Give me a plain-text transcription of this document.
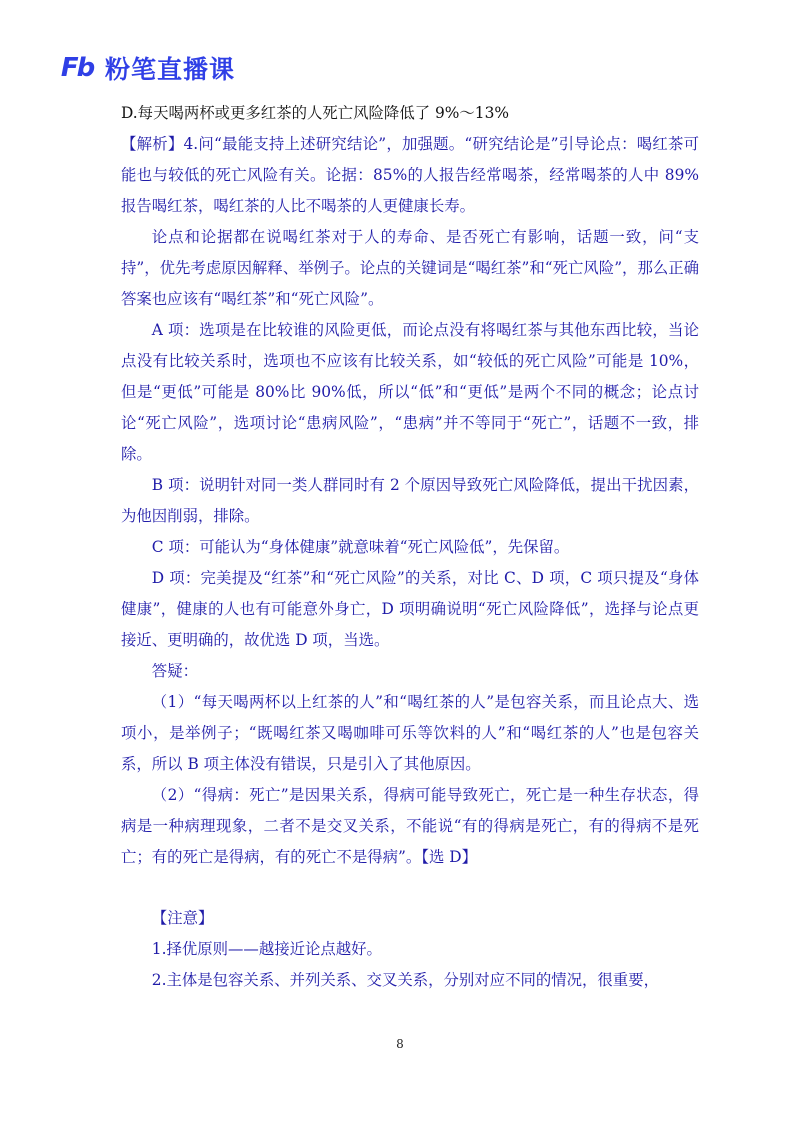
Fb 粉笔直播课

D.每天喝两杯或更多红茶的人死亡风险降低了 9%～13%

【解析】4.问“最能支持上述研究结论”，加强题。“研究结论是”引导论点：喝红茶可能也与较低的死亡风险有关。论据：85%的人报告经常喝茶，经常喝茶的人中 89%报告喝红茶，喝红茶的人比不喝茶的人更健康长寿。

论点和论据都在说喝红茶对于人的寿命、是否死亡有影响，话题一致，问“支持”，优先考虑原因解释、举例子。论点的关键词是“喝红茶”和“死亡风险”，那么正确答案也应该有“喝红茶”和“死亡风险”。

A 项：选项是在比较谁的风险更低，而论点没有将喝红茶与其他东西比较，当论点没有比较关系时，选项也不应该有比较关系，如“较低的死亡风险”可能是 10%，但是“更低”可能是 80%比 90%低，所以“低”和“更低”是两个不同的概念；论点讨论“死亡风险”，选项讨论“患病风险”，“患病”并不等同于“死亡”，话题不一致，排除。

B 项：说明针对同一类人群同时有 2 个原因导致死亡风险降低，提出干扰因素，为他因削弱，排除。

C 项：可能认为“身体健康”就意味着“死亡风险低”，先保留。

D 项：完美提及“红茶”和“死亡风险”的关系，对比 C、D 项，C 项只提及“身体健康”，健康的人也有可能意外身亡，D 项明确说明“死亡风险降低”，选择与论点更接近、更明确的，故优选 D 项，当选。

答疑：

（1）“每天喝两杯以上红茶的人”和“喝红茶的人”是包容关系，而且论点大、选项小，是举例子；“既喝红茶又喝咖啡可乐等饮料的人”和“喝红茶的人”也是包容关系，所以 B 项主体没有错误，只是引入了其他原因。

（2）“得病：死亡”是因果关系，得病可能导致死亡，死亡是一种生存状态，得病是一种病理现象，二者不是交叉关系，不能说“有的得病是死亡，有的得病不是死亡；有的死亡是得病，有的死亡不是得病”。【选 D】

【注意】

1.择优原则——越接近论点越好。

2.主体是包容关系、并列关系、交叉关系，分别对应不同的情况，很重要，

8
